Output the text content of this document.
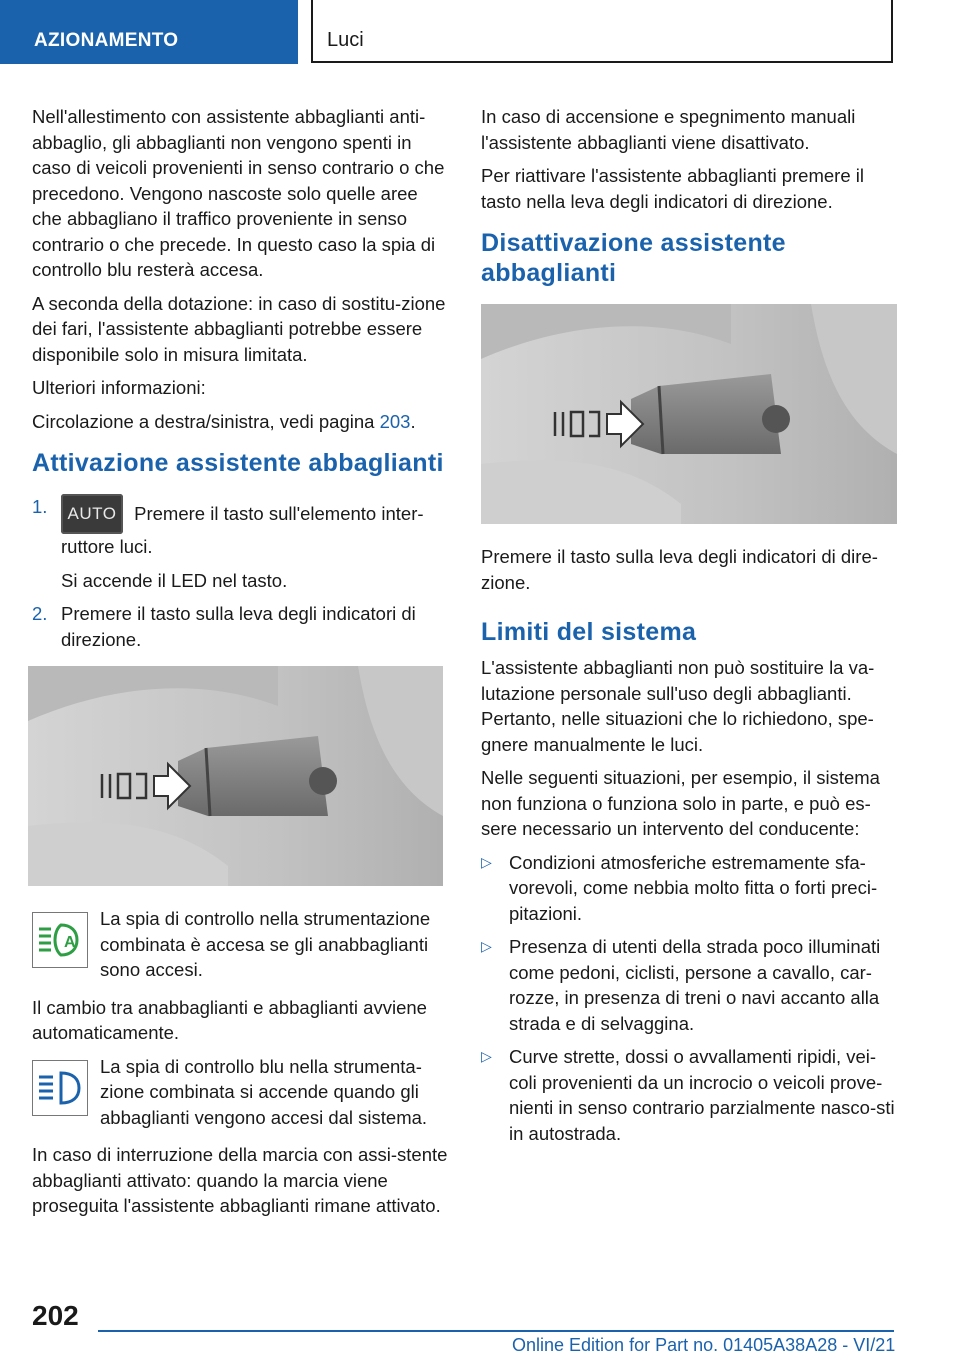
AZIONAMENTO	Luci

Nell'allestimento con assistente abbaglianti anti-abbaglio, gli abbaglianti non vengono spenti in caso di veicoli provenienti in senso contrario o che precedono. Vengono nascoste solo quelle aree che abbagliano il traffico proveniente in senso contrario o che precede. In questo caso la spia di controllo blu resterà accesa.

A seconda della dotazione: in caso di sostitu-zione dei fari, l'assistente abbaglianti potrebbe essere disponibile solo in misura limitata.

Ulteriori informazioni:

Circolazione a destra/sinistra, vedi pagina 203.

Attivazione assistente abbaglianti
1.	AUTO Premere il tasto sull'elemento inter-ruttore luci.

Si accende il LED nel tasto.

2. Premere il tasto sulla leva degli indicatori di direzione.
A
La spia di controllo nella strumentazione combinata è accesa se gli anabbaglianti sono accesi.

Il cambio tra anabbaglianti e abbaglianti avviene automaticamente.

La spia di controllo blu nella strumenta-zione combinata si accende quando gli abbaglianti vengono accesi dal sistema.

In caso di interruzione della marcia con assi-stente abbaglianti attivato: quando la marcia viene proseguita l'assistente abbaglianti rimane attivato.

In caso di accensione e spegnimento manuali l'assistente abbaglianti viene disattivato.

Per riattivare l'assistente abbaglianti premere il tasto nella leva degli indicatori di direzione.

Disattivazione assistente abbaglianti

Premere il tasto sulla leva degli indicatori di dire-zione.

Limiti del sistema

L'assistente abbaglianti non può sostituire la va-lutazione personale sull'uso degli abbaglianti. Pertanto, nelle situazioni che lo richiedono, spe-gnere manualmente le luci.

Nelle seguenti situazioni, per esempio, il sistema non funziona o funziona solo in parte, e può es-sere necessario un intervento del conducente:

▷ Condizioni atmosferiche estremamente sfa-vorevoli, come nebbia molto fitta o forti preci-pitazioni.
▷ Presenza di utenti della strada poco illuminati come pedoni, ciclisti, persone a cavallo, car-rozze, in presenza di treni o navi accanto alla strada e di selvaggina.
▷ Curve strette, dossi o avvallamenti ripidi, vei-coli provenienti da un incrocio o veicoli prove-nienti in senso contrario parzialmente nasco-sti in autostrada.
202
Online Edition for Part no. 01405A38A28 - VI/21
